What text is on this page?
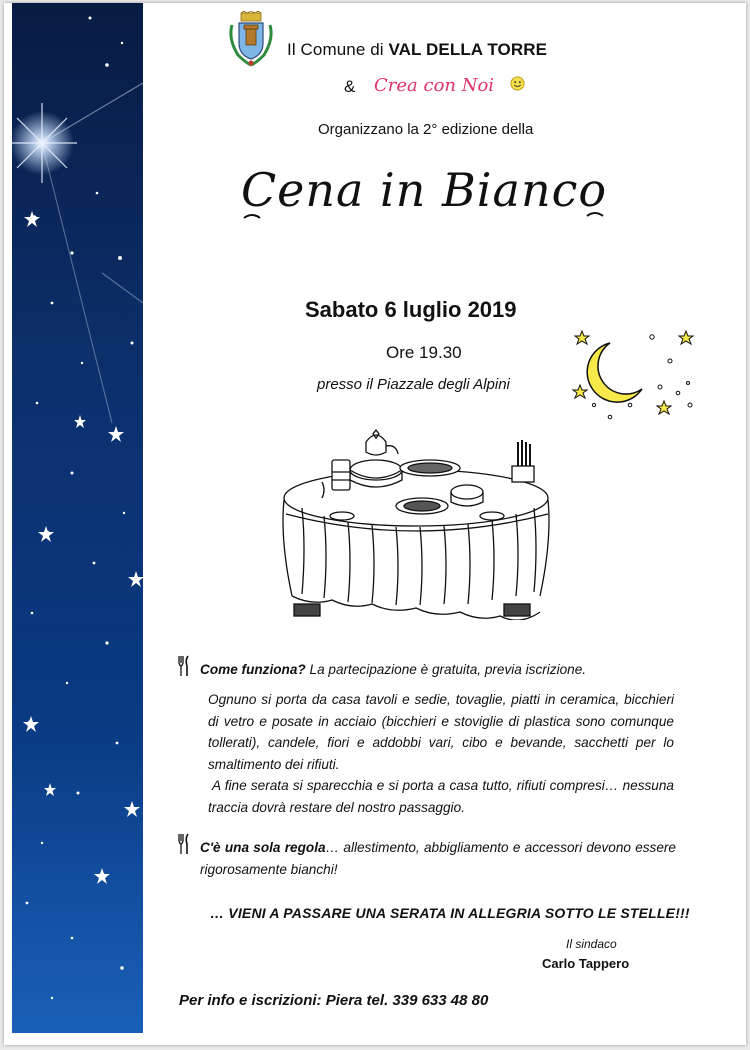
Il Comune di VAL DELLA TORRE
& Crea con Noi
Organizzano la 2° edizione della
Cena in Bianco
Sabato 6 luglio 2019
Ore 19.30
presso il Piazzale degli Alpini
Come funziona? La partecipazione è gratuita, previa iscrizione.
Ognuno si porta da casa tavoli e sedie, tovaglie, piatti in ceramica, bicchieri di vetro e posate in acciaio (bicchieri e stoviglie di plastica sono comunque tollerati), candele, fiori e addobbi vari, cibo e bevande, sacchetti per lo smaltimento dei rifiuti.
A fine serata si sparecchia e si porta a casa tutto, rifiuti compresi… nessuna traccia dovrà restare del nostro passaggio.
C'è una sola regola… allestimento, abbigliamento e accessori devono essere rigorosamente bianchi!
… VIENI A PASSARE UNA SERATA IN ALLEGRIA SOTTO LE STELLE!!!
Il sindaco
Carlo Tappero
Per info e iscrizioni: Piera tel. 339 633 48 80
